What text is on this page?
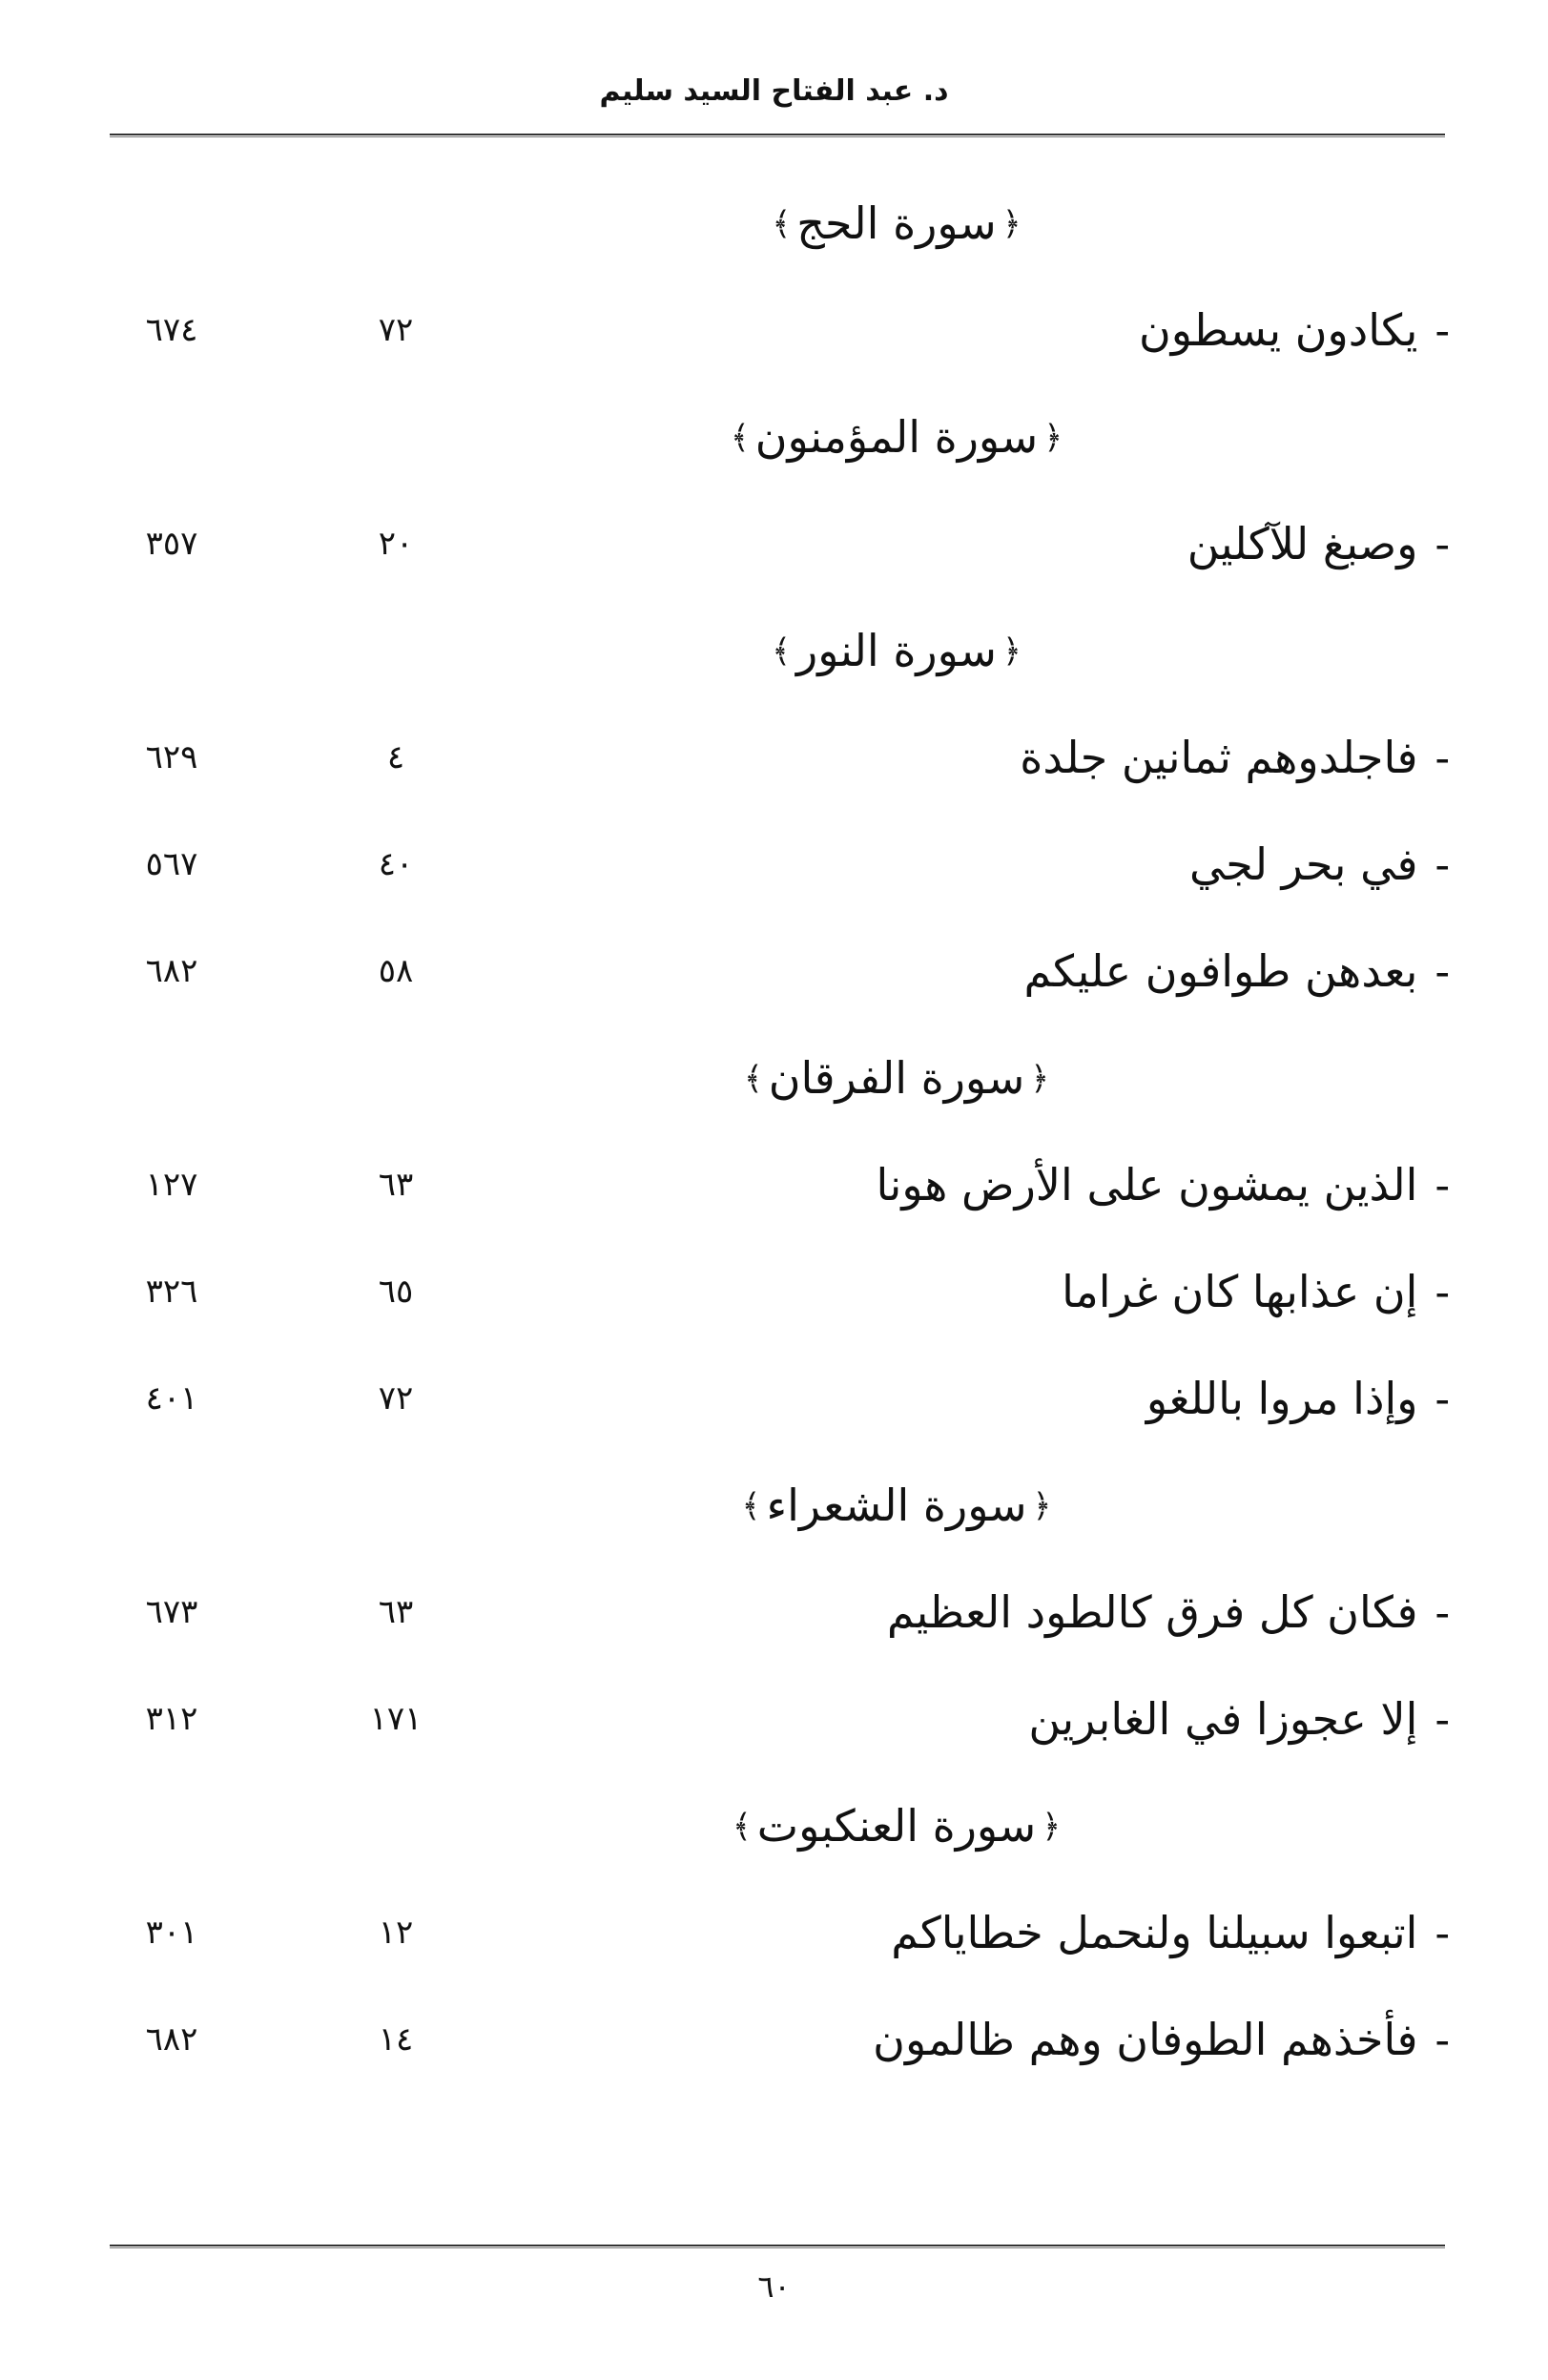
د. عبد الفتاح السيد سليم
﴿
سورة الحج
﴾
-يكادون يسطون
٧٢
٦٧٤
﴿
سورة المؤمنون
﴾
-وصبغ للآكلين
٢٠
٣٥٧
﴿
سورة النور
﴾
-فاجلدوهم ثمانين جلدة
٤
٦٢٩
-في بحر لجي
٤٠
٥٦٧
-بعدهن طوافون عليكم
٥٨
٦٨٢
﴿
سورة الفرقان
﴾
-الذين يمشون على الأرض هونا
٦٣
١٢٧
-إن عذابها كان غراما
٦٥
٣٢٦
-وإذا مروا باللغو
٧٢
٤٠١
﴿
سورة الشعراء
﴾
-فكان كل فرق كالطود العظيم
٦٣
٦٧٣
-إلا عجوزا في الغابرين
١٧١
٣١٢
﴿
سورة العنكبوت
﴾
-اتبعوا سبيلنا ولنحمل خطاياكم
١٢
٣٠١
-فأخذهم الطوفان وهم ظالمون
١٤
٦٨٢
٦٠
